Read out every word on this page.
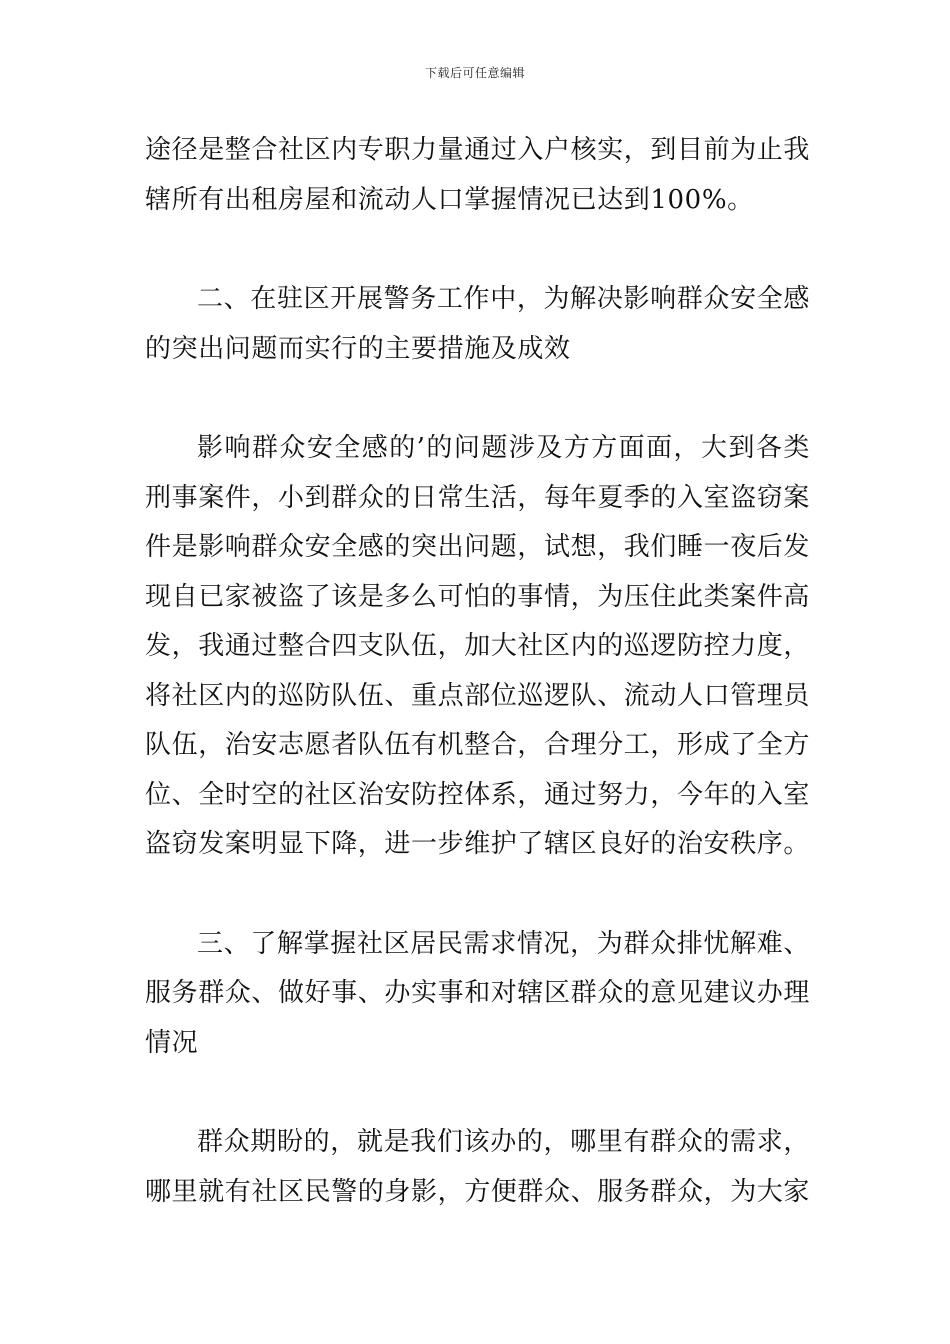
下载后可任意编辑

途径是整合社区内专职力量通过入户核实，到目前为止我辖所有出租房屋和流动人口掌握情况已达到100%。

二、在驻区开展警务工作中，为解决影响群众安全感的突出问题而实行的主要措施及成效

影响群众安全感的’的问题涉及方方面面，大到各类刑事案件，小到群众的日常生活，每年夏季的入室盗窃案件是影响群众安全感的突出问题，试想，我们睡一夜后发现自已家被盗了该是多么可怕的事情，为压住此类案件高发，我通过整合四支队伍，加大社区内的巡逻防控力度，将社区内的巡防队伍、重点部位巡逻队、流动人口管理员队伍，治安志愿者队伍有机整合，合理分工，形成了全方位、全时空的社区治安防控体系，通过努力，今年的入室盗窃发案明显下降，进一步维护了辖区良好的治安秩序。

三、了解掌握社区居民需求情况，为群众排忧解难、服务群众、做好事、办实事和对辖区群众的意见建议办理情况

群众期盼的，就是我们该办的，哪里有群众的需求，哪里就有社区民警的身影，方便群众、服务群众，为大家
